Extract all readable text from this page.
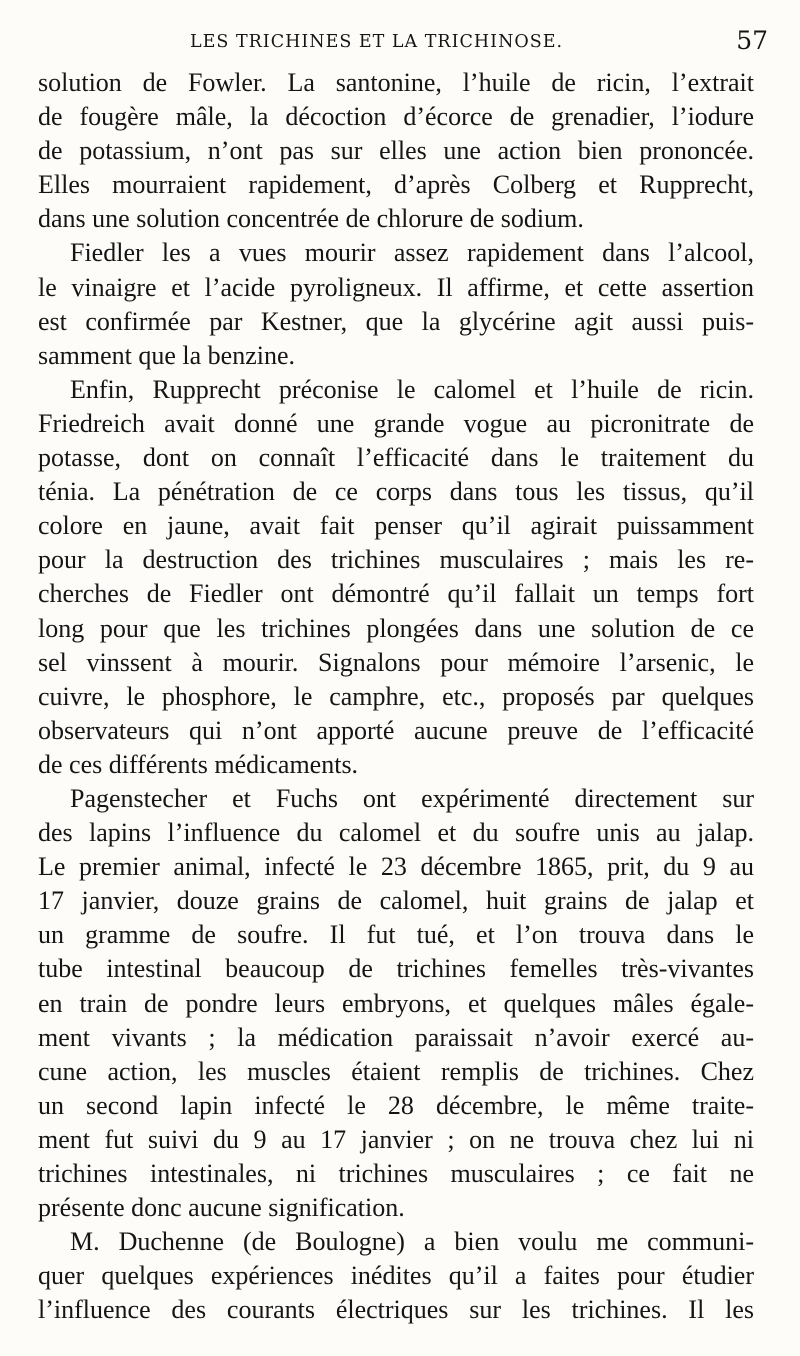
LES TRICHINES ET LA TRICHINOSE.	57
solution de Fowler. La santonine, l’huile de ricin, l’extrait
de fougère mâle, la décoction d’écorce de grenadier, l’iodure
de potassium, n’ont pas sur elles une action bien prononcée.
Elles mourraient rapidement, d’après Colberg et Rupprecht,
dans une solution concentrée de chlorure de sodium.
Fiedler les a vues mourir assez rapidement dans l’alcool,
le vinaigre et l’acide pyroligneux. Il affirme, et cette assertion
est confirmée par Kestner, que la glycérine agit aussi puis-
samment que la benzine.
Enfin, Rupprecht préconise le calomel et l’huile de ricin.
Friedreich avait donné une grande vogue au picronitrate de
potasse, dont on connaît l’efficacité dans le traitement du
ténia. La pénétration de ce corps dans tous les tissus, qu’il
colore en jaune, avait fait penser qu’il agirait puissamment
pour la destruction des trichines musculaires ; mais les re-
cherches de Fiedler ont démontré qu’il fallait un temps fort
long pour que les trichines plongées dans une solution de ce
sel vinssent à mourir. Signalons pour mémoire l’arsenic, le
cuivre, le phosphore, le camphre, etc., proposés par quelques
observateurs qui n’ont apporté aucune preuve de l’efficacité
de ces différents médicaments.
Pagenstecher et Fuchs ont expérimenté directement sur
des lapins l’influence du calomel et du soufre unis au jalap.
Le premier animal, infecté le 23 décembre 1865, prit, du 9 au
17 janvier, douze grains de calomel, huit grains de jalap et
un gramme de soufre. Il fut tué, et l’on trouva dans le
tube intestinal beaucoup de trichines femelles très-vivantes
en train de pondre leurs embryons, et quelques mâles égale-
ment vivants ; la médication paraissait n’avoir exercé au-
cune action, les muscles étaient remplis de trichines. Chez
un second lapin infecté le 28 décembre, le même traite-
ment fut suivi du 9 au 17 janvier ; on ne trouva chez lui ni
trichines intestinales, ni trichines musculaires ; ce fait ne
présente donc aucune signification.
M. Duchenne (de Boulogne) a bien voulu me communi-
quer quelques expériences inédites qu’il a faites pour étudier
l’influence des courants électriques sur les trichines. Il les
